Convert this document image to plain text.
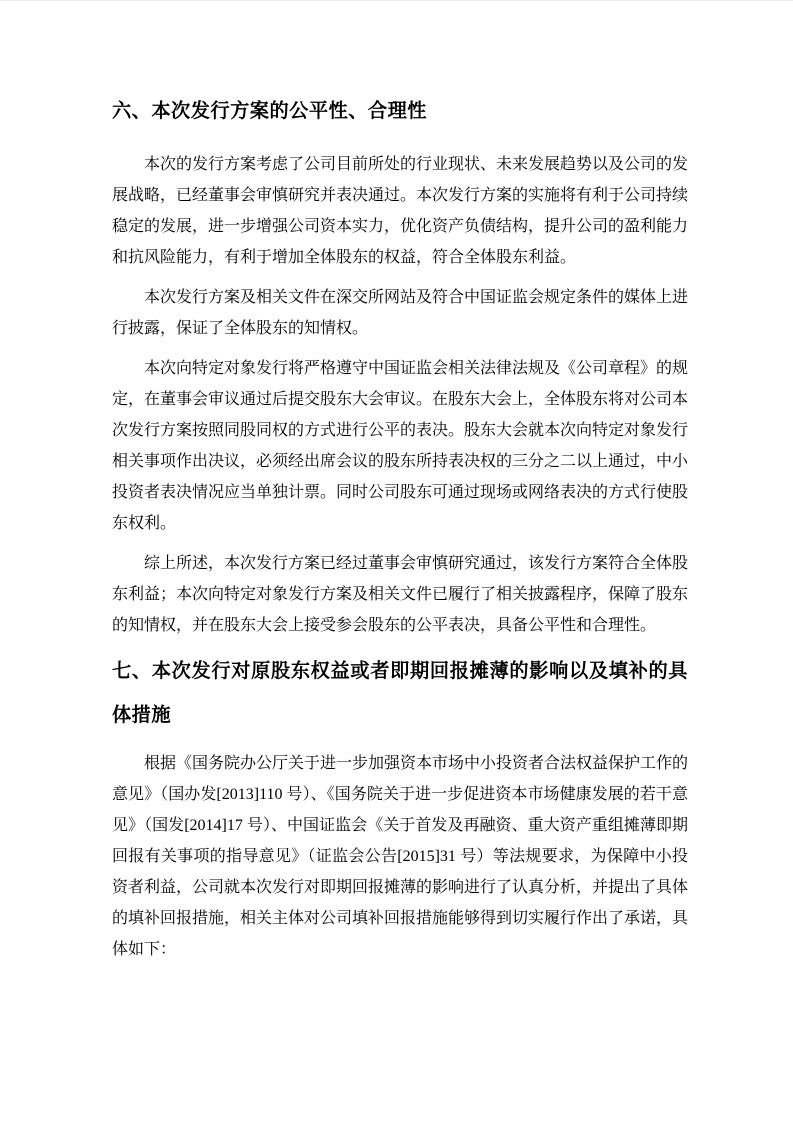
六、本次发行方案的公平性、合理性

本次的发行方案考虑了公司目前所处的行业现状、未来发展趋势以及公司的发展战略，已经董事会审慎研究并表决通过。本次发行方案的实施将有利于公司持续稳定的发展，进一步增强公司资本实力，优化资产负债结构，提升公司的盈利能力和抗风险能力，有利于增加全体股东的权益，符合全体股东利益。

本次发行方案及相关文件在深交所网站及符合中国证监会规定条件的媒体上进行披露，保证了全体股东的知情权。

本次向特定对象发行将严格遵守中国证监会相关法律法规及《公司章程》的规定，在董事会审议通过后提交股东大会审议。在股东大会上，全体股东将对公司本次发行方案按照同股同权的方式进行公平的表决。股东大会就本次向特定对象发行相关事项作出决议，必须经出席会议的股东所持表决权的三分之二以上通过，中小投资者表决情况应当单独计票。同时公司股东可通过现场或网络表决的方式行使股东权利。

综上所述，本次发行方案已经过董事会审慎研究通过，该发行方案符合全体股东利益；本次向特定对象发行方案及相关文件已履行了相关披露程序，保障了股东的知情权，并在股东大会上接受参会股东的公平表决，具备公平性和合理性。

七、本次发行对原股东权益或者即期回报摊薄的影响以及填补的具体措施

根据《国务院办公厅关于进一步加强资本市场中小投资者合法权益保护工作的意见》（国办发[2013]110 号）、《国务院关于进一步促进资本市场健康发展的若干意见》（国发[2014]17 号）、中国证监会《关于首发及再融资、重大资产重组摊薄即期回报有关事项的指导意见》（证监会公告[2015]31 号）等法规要求，为保障中小投资者利益，公司就本次发行对即期回报摊薄的影响进行了认真分析，并提出了具体的填补回报措施，相关主体对公司填补回报措施能够得到切实履行作出了承诺，具体如下：
